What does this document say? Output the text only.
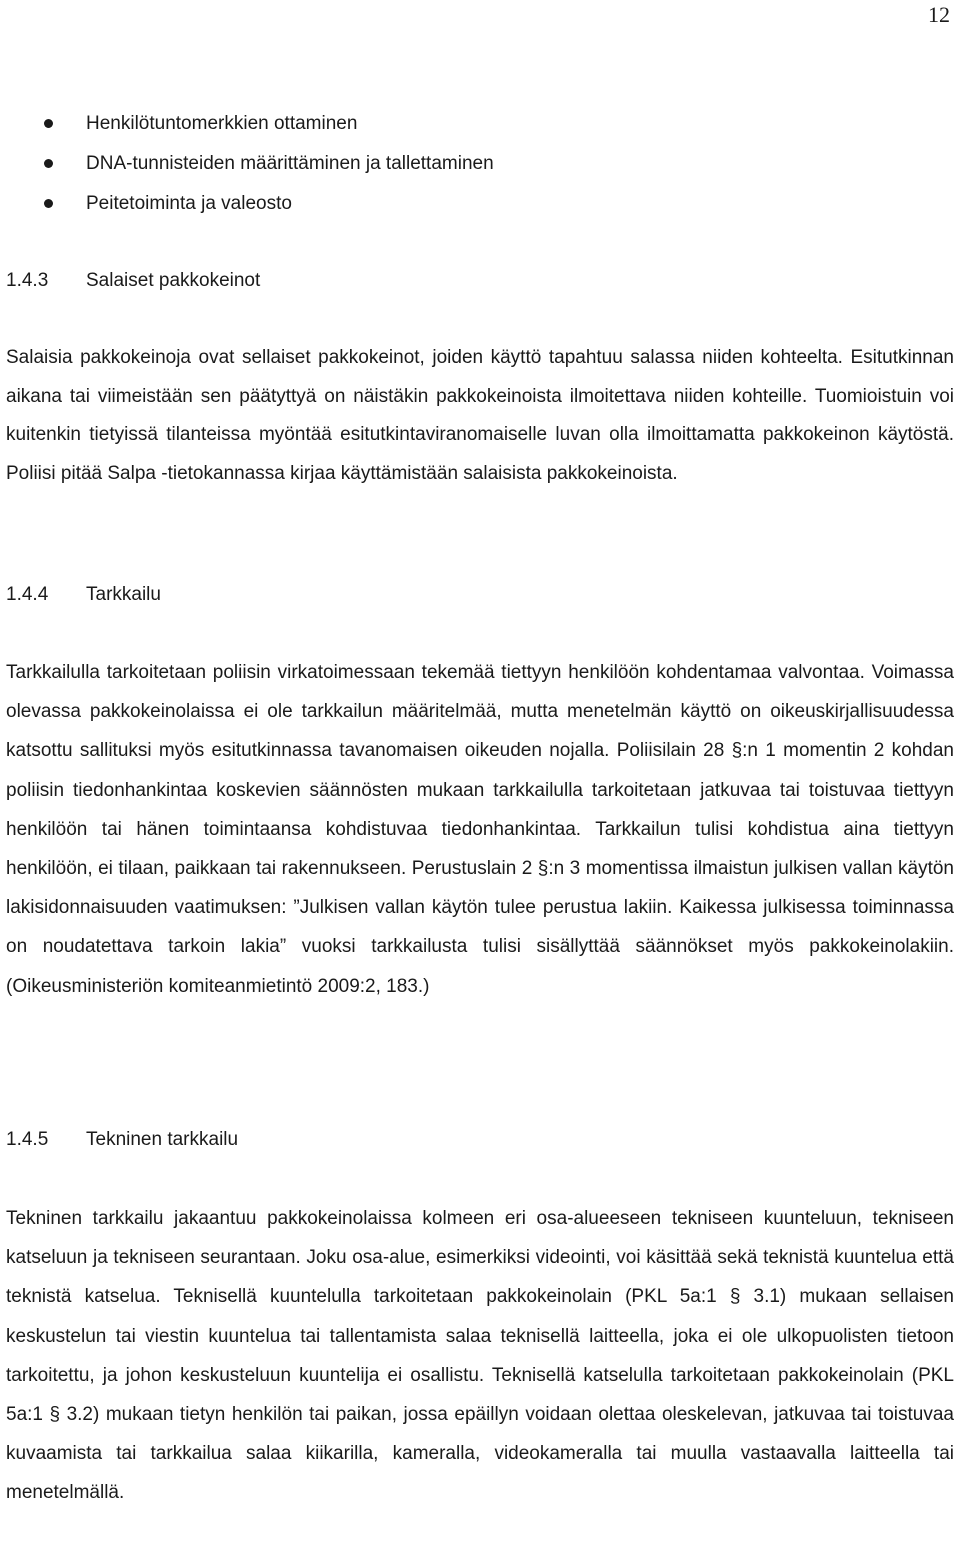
12
Henkilötuntomerkkien ottaminen
DNA-tunnisteiden määrittäminen ja tallettaminen
Peitetoiminta ja valeosto
1.4.3 Salaiset pakkokeinot

Salaisia pakkokeinoja ovat sellaiset pakkokeinot, joiden käyttö tapahtuu salassa niiden kohteelta. Esitutkinnan aikana tai viimeistään sen päätyttyä on näistäkin pakkokeinoista ilmoitettava niiden kohteille. Tuomioistuin voi kuitenkin tietyissä tilanteissa myöntää esitutkintaviranomaiselle luvan olla ilmoittamatta pakkokeinon käytöstä. Poliisi pitää Salpa -tietokannassa kirjaa käyttämistään salaisista pakkokeinoista.

1.4.4 Tarkkailu

Tarkkailulla tarkoitetaan poliisin virkatoimessaan tekemää tiettyyn henkilöön kohdentamaa valvontaa. Voimassa olevassa pakkokeinolaissa ei ole tarkkailun määritelmää, mutta menetelmän käyttö on oikeuskirjallisuudessa katsottu sallituksi myös esitutkinnassa tavanomaisen oikeuden nojalla. Poliisilain 28 §:n 1 momentin 2 kohdan poliisin tiedonhankintaa koskevien säännösten mukaan tarkkailulla tarkoitetaan jatkuvaa tai toistuvaa tiettyyn henkilöön tai hänen toimintaansa kohdistuvaa tiedonhankintaa. Tarkkailun tulisi kohdistua aina tiettyyn henkilöön, ei tilaan, paikkaan tai rakennukseen. Perustuslain 2 §:n 3 momentissa ilmaistun julkisen vallan käytön lakisidonnaisuuden vaatimuksen: ”Julkisen vallan käytön tulee perustua lakiin. Kaikessa julkisessa toiminnassa on noudatettava tarkoin lakia” vuoksi tarkkailusta tulisi sisällyttää säännökset myös pakkokeinolakiin. (Oikeusministeriön komiteanmietintö 2009:2, 183.)

1.4.5 Tekninen tarkkailu

Tekninen tarkkailu jakaantuu pakkokeinolaissa kolmeen eri osa-alueeseen tekniseen kuunteluun, tekniseen katseluun ja tekniseen seurantaan. Joku osa-alue, esimerkiksi videointi, voi käsittää sekä teknistä kuuntelua että teknistä katselua. Teknisellä kuuntelulla tarkoitetaan pakkokeinolain (PKL 5a:1 § 3.1) mukaan sellaisen keskustelun tai viestin kuuntelua tai tallentamista salaa teknisellä laitteella, joka ei ole ulkopuolisten tietoon tarkoitettu, ja johon keskusteluun kuuntelija ei osallistu. Teknisellä katselulla tarkoitetaan pakkokeinolain (PKL 5a:1 § 3.2) mukaan tietyn henkilön tai paikan, jossa epäillyn voidaan olettaa oleskelevan, jatkuvaa tai toistuvaa kuvaamista tai tarkkailua salaa kiikarilla, kameralla, videokameralla tai muulla vastaavalla laitteella tai menetelmällä.
